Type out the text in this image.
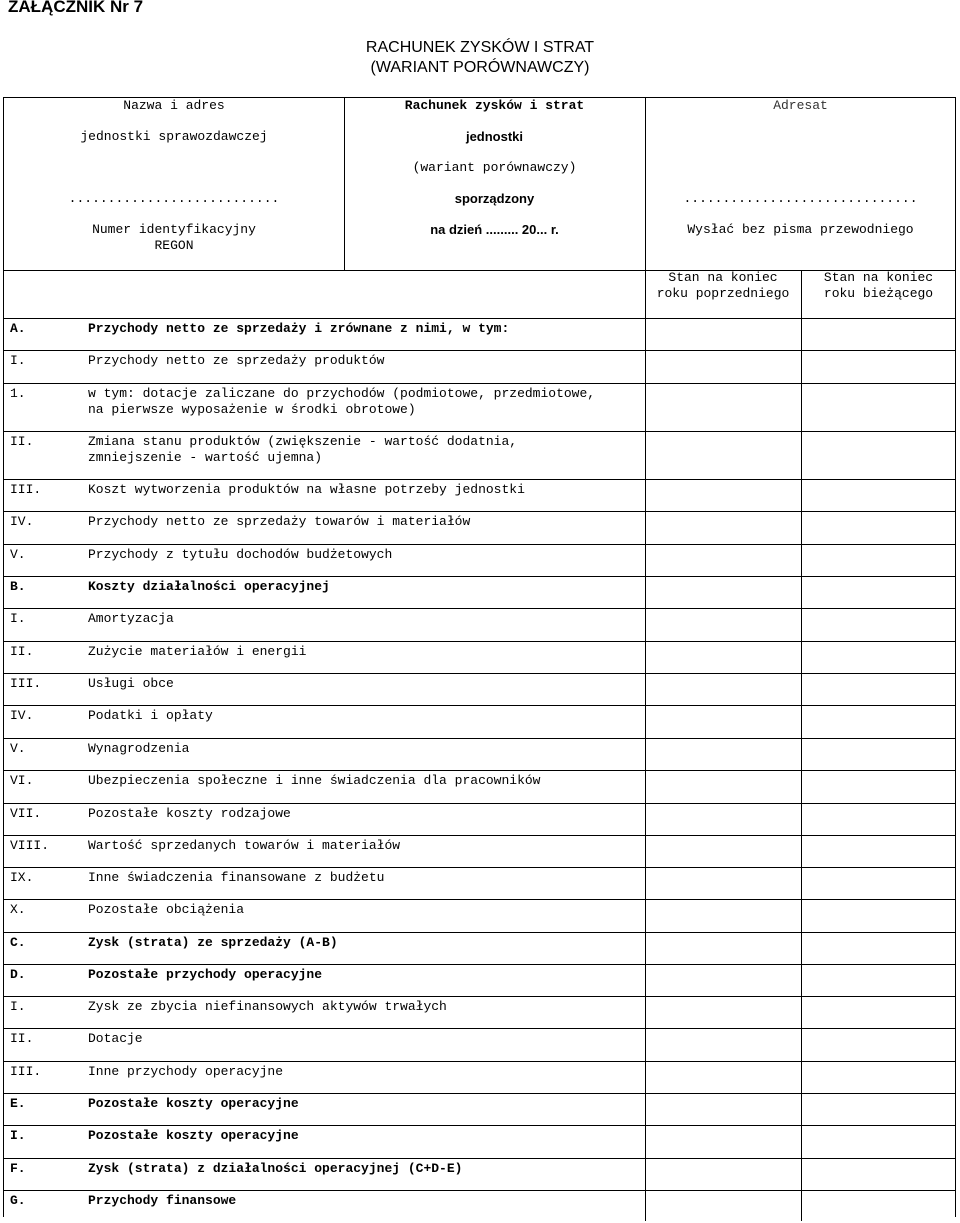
ZAŁĄCZNIK Nr 7
RACHUNEK ZYSKÓW I STRAT
(WARIANT PORÓWNAWCZY)
Nazwa i adres
jednostki sprawozdawczej
...........................
Numer identyfikacyjny
REGON
Rachunek zysków i strat
jednostki
(wariant porównawczy)
sporządzony
na dzień ......... 20... r.
Adresat
..............................
Wysłać bez pisma przewodniego
Stan na koniec
roku poprzedniego
Stan na koniec
roku bieżącego
A.	Przychody netto ze sprzedaży i zrównane z nimi, w tym:
I.	Przychody netto ze sprzedaży produktów
1.	w tym: dotacje zaliczane do przychodów (podmiotowe, przedmiotowe,
na pierwsze wyposażenie w środki obrotowe)
II.	Zmiana stanu produktów (zwiększenie - wartość dodatnia,
zmniejszenie - wartość ujemna)
III.	Koszt wytworzenia produktów na własne potrzeby jednostki
IV.	Przychody netto ze sprzedaży towarów i materiałów
V.	Przychody z tytułu dochodów budżetowych
B.	Koszty działalności operacyjnej
I.	Amortyzacja
II.	Zużycie materiałów i energii
III.	Usługi obce
IV.	Podatki i opłaty
V.	Wynagrodzenia
VI.	Ubezpieczenia społeczne i inne świadczenia dla pracowników
VII.	Pozostałe koszty rodzajowe
VIII.	Wartość sprzedanych towarów i materiałów
IX.	Inne świadczenia finansowane z budżetu
X.	Pozostałe obciążenia
C.	Zysk (strata) ze sprzedaży (A-B)
D.	Pozostałe przychody operacyjne
I.	Zysk ze zbycia niefinansowych aktywów trwałych
II.	Dotacje
III.	Inne przychody operacyjne
E.	Pozostałe koszty operacyjne
I.	Pozostałe koszty operacyjne
F.	Zysk (strata) z działalności operacyjnej (C+D-E)
G.	Przychody finansowe
